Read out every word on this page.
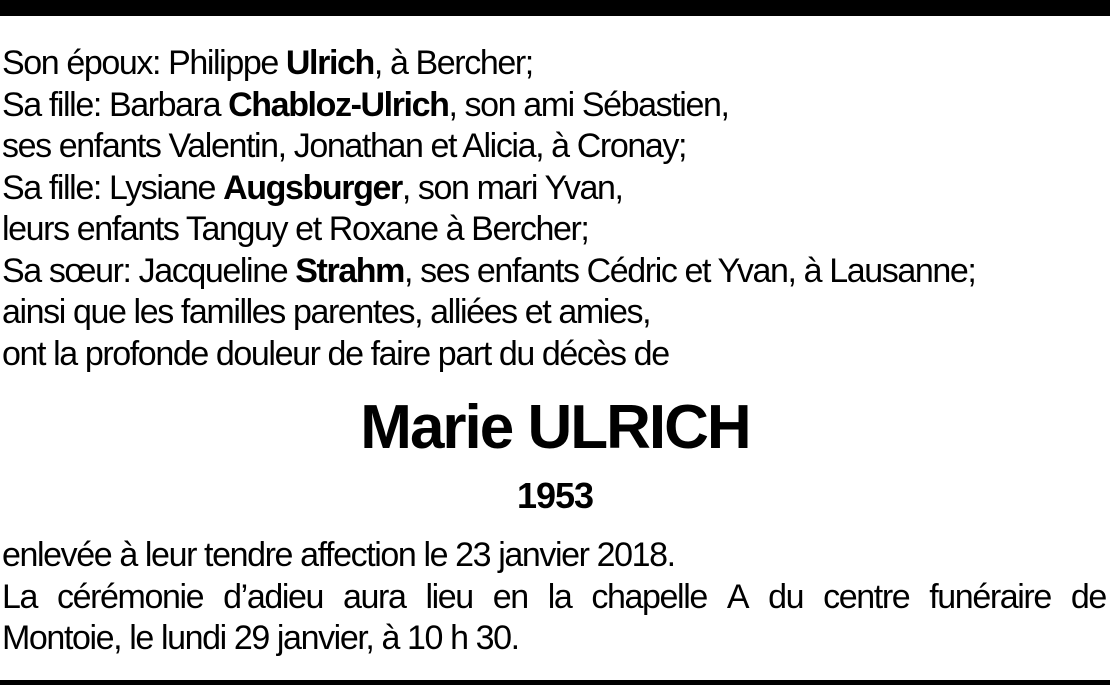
Son époux: Philippe Ulrich, à Bercher;
Sa fille: Barbara Chabloz-Ulrich, son ami Sébastien,
ses enfants Valentin, Jonathan et Alicia, à Cronay;
Sa fille: Lysiane Augsburger, son mari Yvan,
leurs enfants Tanguy et Roxane à Bercher;
Sa sœur: Jacqueline Strahm, ses enfants Cédric et Yvan, à Lausanne;
ainsi que les familles parentes, alliées et amies,
ont la profonde douleur de faire part du décès de
Marie ULRICH
1953
enlevée à leur tendre affection le 23 janvier 2018.
La cérémonie d’adieu aura lieu en la chapelle A du centre funéraire de
Montoie, le lundi 29 janvier, à 10 h 30.
